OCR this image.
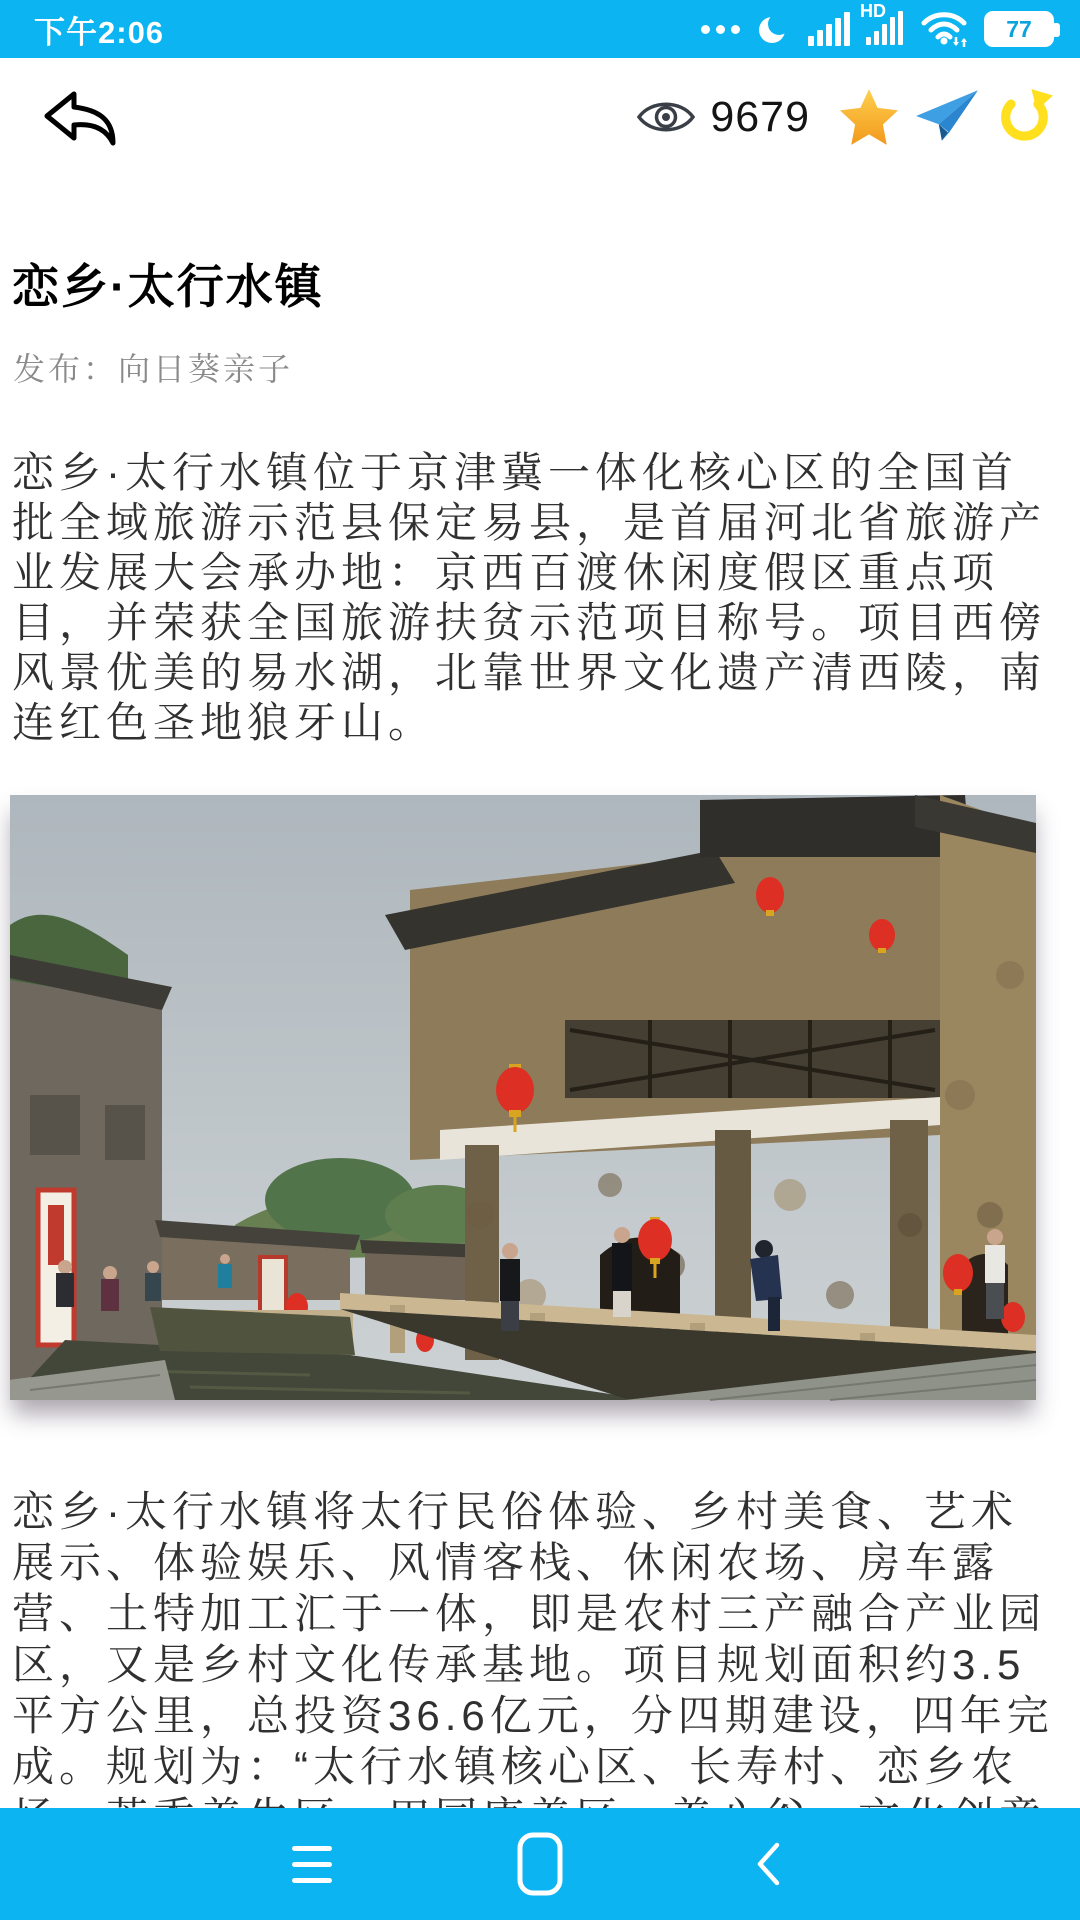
下午2:06
HD
77
9679
恋乡·太行水镇
发布：向日葵亲子
恋乡·太行水镇位于京津冀一体化核心区的全国首
批全域旅游示范县保定易县，是首届河北省旅游产
业发展大会承办地：京西百渡休闲度假区重点项
目，并荣获全国旅游扶贫示范项目称号。项目西傍
风景优美的易水湖，北靠世界文化遗产清西陵，南
连红色圣地狼牙山。
恋乡·太行水镇将太行民俗体验、乡村美食、艺术
展示、体验娱乐、风情客栈、休闲农场、房车露
营、土特加工汇于一体，即是农村三产融合产业园
区，又是乡村文化传承基地。项目规划面积约3.5
平方公里，总投资36.6亿元，分四期建设，四年完
成。规划为：“太行水镇核心区、长寿村、恋乡农
